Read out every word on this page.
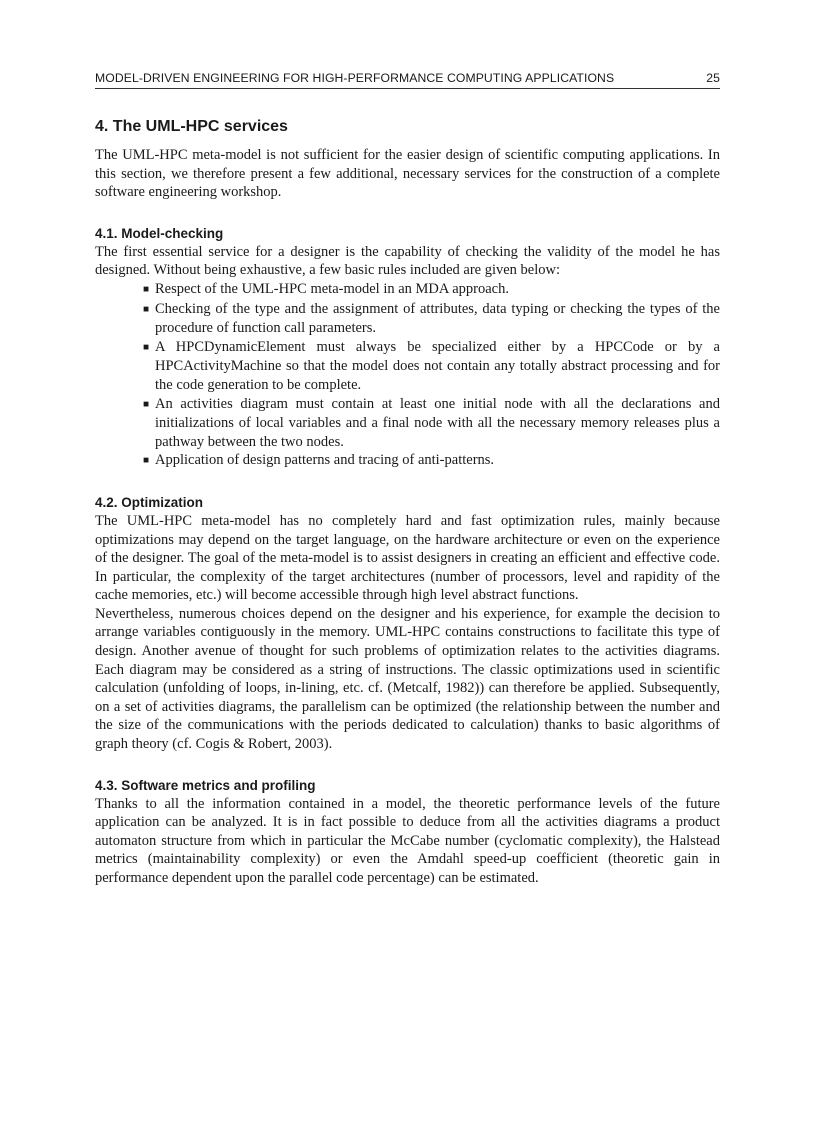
MODEL-DRIVEN ENGINEERING FOR HIGH-PERFORMANCE COMPUTING APPLICATIONS	25
4. The UML-HPC services

The UML-HPC meta-model is not sufficient for the easier design of scientific computing applications. In this section, we therefore present a few additional, necessary services for the construction of a complete software engineering workshop.

4.1. Model-checking

The first essential service for a designer is the capability of checking the validity of the model he has designed. Without being exhaustive, a few basic rules included are given below:

■ Respect of the UML-HPC meta-model in an MDA approach.
■ Checking of the type and the assignment of attributes, data typing or checking the types of the procedure of function call parameters.
■ A HPCDynamicElement must always be specialized either by a HPCCode or by a HPCActivityMachine so that the model does not contain any totally abstract processing and for the code generation to be complete.
■ An activities diagram must contain at least one initial node with all the declarations and initializations of local variables and a final node with all the necessary memory releases plus a pathway between the two nodes.
■ Application of design patterns and tracing of anti-patterns.
4.2. Optimization

The UML-HPC meta-model has no completely hard and fast optimization rules, mainly because optimizations may depend on the target language, on the hardware architecture or even on the experience of the designer. The goal of the meta-model is to assist designers in creating an efficient and effective code. In particular, the complexity of the target architectures (number of processors, level and rapidity of the cache memories, etc.) will become accessible through high level abstract functions.

Nevertheless, numerous choices depend on the designer and his experience, for example the decision to arrange variables contiguously in the memory. UML-HPC contains constructions to facilitate this type of design. Another avenue of thought for such problems of optimization relates to the activities diagrams. Each diagram may be considered as a string of instructions. The classic optimizations used in scientific calculation (unfolding of loops, in-lining, etc. cf. (Metcalf, 1982)) can therefore be applied. Subsequently, on a set of activities diagrams, the parallelism can be optimized (the relationship between the number and the size of the communications with the periods dedicated to calculation) thanks to basic algorithms of graph theory (cf. Cogis & Robert, 2003).

4.3. Software metrics and profiling

Thanks to all the information contained in a model, the theoretic performance levels of the future application can be analyzed. It is in fact possible to deduce from all the activities diagrams a product automaton structure from which in particular the McCabe number (cyclomatic complexity), the Halstead metrics (maintainability complexity) or even the Amdahl speed-up coefficient (theoretic gain in performance dependent upon the parallel code percentage) can be estimated.
